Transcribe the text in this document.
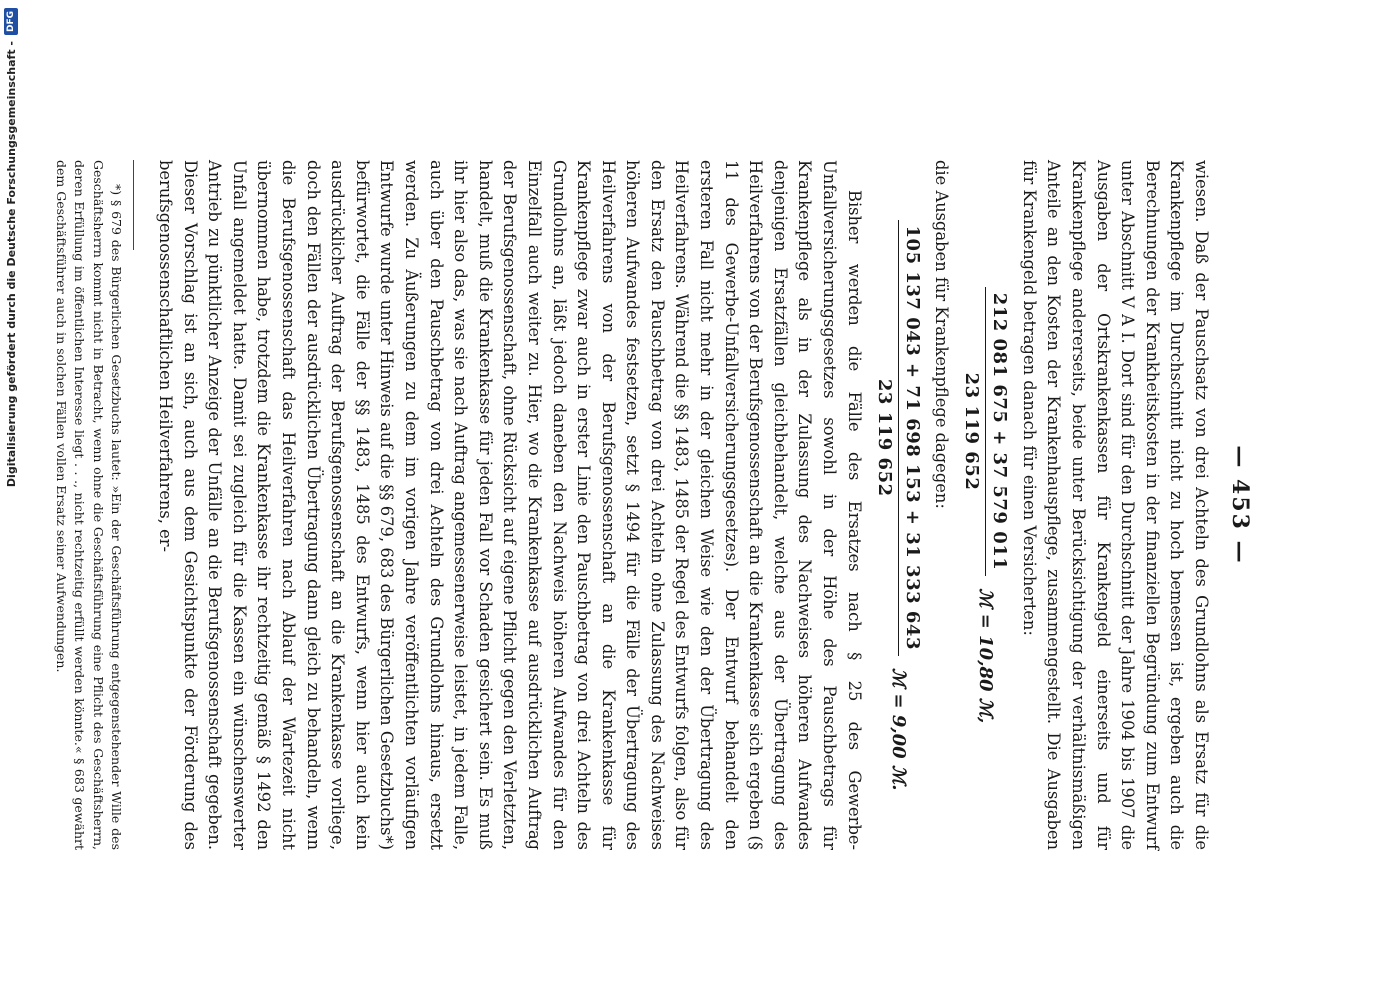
— 453 —

wiesen. Daß der Pauschsatz von drei Achteln des Grundlohns als Ersatz für die Krankenpflege im Durchschnitt nicht zu hoch bemessen ist, ergeben auch die Berechnungen der Krankheitskosten in der finanziellen Begründung zum Entwurf unter Abschnitt V A I. Dort sind für den Durchschnitt der Jahre 1904 bis 1907 die Ausgaben der Ortskrankenkassen für Krankengeld einerseits und für Krankenpflege andererseits, beide unter Berücksichtigung der verhältnismäßigen Anteile an den Kosten der Krankenhauspflege, zusammengestellt. Die Ausgaben für Krankengeld betragen danach für einen Versicherten:

212 081 675 + 37 579 011
23 119 652
ℳ = 10,80 ℳ,

die Ausgaben für Krankenpflege dagegen:

105 137 043 + 71 698 153 + 31 333 643
23 119 652
ℳ = 9,00 ℳ.

Bisher werden die Fälle des Ersatzes nach § 25 des Gewerbe-Unfallversicherungsgesetzes sowohl in der Höhe des Pauschbetrags für Krankenpflege als in der Zulassung des Nachweises höheren Aufwandes denjenigen Ersatzfällen gleichbehandelt, welche aus der Übertragung des Heilverfahrens von der Berufsgenossenschaft an die Krankenkasse sich ergeben (§ 11 des Gewerbe-Unfallversicherungsgesetzes). Der Entwurf behandelt den ersteren Fall nicht mehr in der gleichen Weise wie den der Übertragung des Heilverfahrens. Während die §§ 1483, 1485 der Regel des Entwurfs folgen, also für den Ersatz den Pauschbetrag von drei Achteln ohne Zulassung des Nachweises höheren Aufwandes festsetzen, setzt § 1494 für die Fälle der Übertragung des Heilverfahrens von der Berufsgenossenschaft an die Krankenkasse für Krankenpflege zwar auch in erster Linie den Pauschbetrag von drei Achteln des Grundlohns an, läßt jedoch daneben den Nachweis höheren Aufwandes für den Einzelfall auch weiter zu. Hier, wo die Krankenkasse auf ausdrücklichen Auftrag der Berufsgenossenschaft, ohne Rücksicht auf eigene Pflicht gegen den Verletzten, handelt, muß die Krankenkasse für jeden Fall vor Schaden gesichert sein. Es muß ihr hier also das, was sie nach Auftrag angemessenerweise leistet, in jedem Falle, auch über den Pauschbetrag von drei Achteln des Grundlohns hinaus, ersetzt werden. Zu Äußerungen zu dem im vorigen Jahre veröffentlichten vorläufigen Entwurfe wurde unter Hinweis auf die §§ 679, 683 des Bürgerlichen Gesetzbuchs*) befürwortet, die Fälle der §§ 1483, 1485 des Entwurfs, wenn hier auch kein ausdrücklicher Auftrag der Berufsgenossenschaft an die Krankenkasse vorliege, doch den Fällen der ausdrücklichen Übertragung dann gleich zu behandeln, wenn die Berufsgenossenschaft das Heilverfahren nach Ablauf der Wartezeit nicht übernommen habe, trotzdem die Krankenkasse ihr rechtzeitig gemäß § 1492 den Unfall angemeldet hatte. Damit sei zugleich für die Kassen ein wünschenswerter Antrieb zu pünktlicher Anzeige der Unfälle an die Berufsgenossenschaft gegeben. Dieser Vorschlag ist an sich, auch aus dem Gesichtspunkte der Förderung des berufsgenossenschaftlichen Heilverfahrens, er-

*) § 679 des Bürgerlichen Gesetzbuchs lautet: »Ein der Geschäftsführung entgegenstehender Wille des Geschäftsherrn kommt nicht in Betracht, wenn ohne die Geschäftsführung eine Pflicht des Geschäftsherrn, deren Erfüllung im öffentlichen Interesse liegt . . ., nicht rechtzeitig erfüllt werden könnte.« § 683 gewährt dem Geschäftsführer auch in solchen Fällen vollen Ersatz seiner Aufwendungen.

Digitalisierung gefördert durch die Deutsche Forschungsgemeinschaft -
DFG
